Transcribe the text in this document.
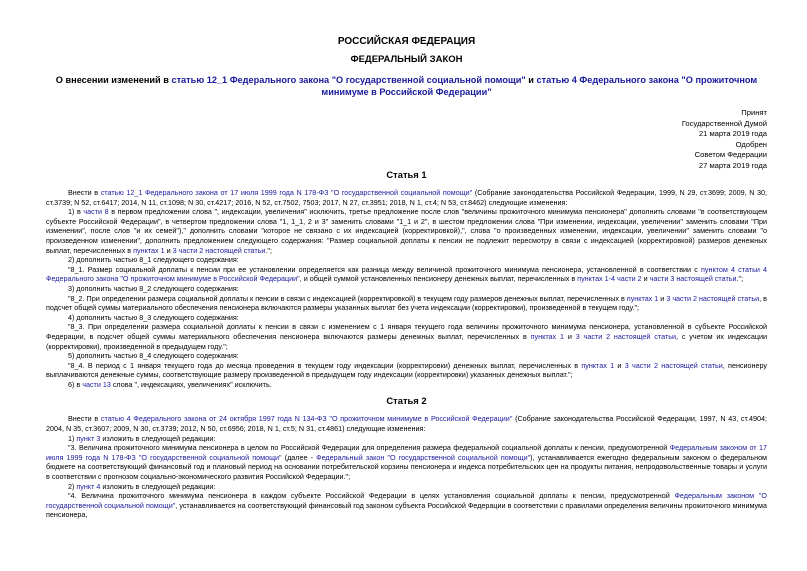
РОССИЙСКАЯ ФЕДЕРАЦИЯ
ФЕДЕРАЛЬНЫЙ ЗАКОН
О внесении изменений в статью 12_1 Федерального закона "О государственной социальной помощи" и статью 4 Федерального закона "О прожиточном минимуме в Российской Федерации"
Принят
Государственной Думой
21 марта 2019 года
Одобрен
Советом Федерации
27 марта 2019 года
Статья 1

Внести в статью 12_1 Федерального закона от 17 июля 1999 года N 178-ФЗ "О государственной социальной помощи" (Собрание законодательства Российской Федерации, 1999, N 29, ст.3699; 2009, N 30, ст.3739; N 52, ст.6417; 2014, N 11, ст.1098; N 30, ст.4217; 2016, N 52, ст.7502, 7503; 2017, N 27, ст.3951; 2018, N 1, ст.4; N 53, ст.8462) следующие изменения:

1) в части 8 в первом предложении слова ", индексации, увеличения" исключить, третье предложение после слов "величины прожиточного минимума пенсионера" дополнить словами "в соответствующем субъекте Российской Федерации", в четвертом предложении слова "1, 1_1, 2 и 3" заменить словами "1_1 и 2", в шестом предложении слова "При изменении, индексации, увеличении" заменить словами "При изменении", после слов "и их семей")," дополнить словами "которое не связано с их индексацией (корректировкой),", слова "о произведенных изменении, индексации, увеличении" заменить словами "о произведенном изменении", дополнить предложением следующего содержания: "Размер социальной доплаты к пенсии не подлежит пересмотру в связи с индексацией (корректировкой) размеров денежных выплат, перечисленных в пунктах 1 и 3 части 2 настоящей статьи.";

2) дополнить частью 8_1 следующего содержания:

"8_1. Размер социальной доплаты к пенсии при ее установлении определяется как разница между величиной прожиточного минимума пенсионера, установленной в соответствии с пунктом 4 статьи 4 Федерального закона "О прожиточном минимуме в Российской Федерации", и общей суммой установленных пенсионеру денежных выплат, перечисленных в пунктах 1-4 части 2 и части 3 настоящей статьи.";

3) дополнить частью 8_2 следующего содержания:

"8_2. При определении размера социальной доплаты к пенсии в связи с индексацией (корректировкой) в текущем году размеров денежных выплат, перечисленных в пунктах 1 и 3 части 2 настоящей статьи, в подсчет общей суммы материального обеспечения пенсионера включаются размеры указанных выплат без учета индексации (корректировки), произведенной в текущем году.";

4) дополнить частью 8_3 следующего содержания:

"8_3. При определении размера социальной доплаты к пенсии в связи с изменением с 1 января текущего года величины прожиточного минимума пенсионера, установленной в субъекте Российской Федерации, в подсчет общей суммы материального обеспечения пенсионера включаются размеры денежных выплат, перечисленных в пунктах 1 и 3 части 2 настоящей статьи, с учетом их индексации (корректировки), произведенной в предыдущем году.";

5) дополнить частью 8_4 следующего содержания:

"8_4. В период с 1 января текущего года до месяца проведения в текущем году индексации (корректировки) денежных выплат, перечисленных в пунктах 1 и 3 части 2 настоящей статьи, пенсионеру выплачиваются денежные суммы, соответствующие размеру произведенной в предыдущем году индексации (корректировки) указанных денежных выплат.";

6) в части 13 слова ", индексациях, увеличениях" исключить.

Статья 2

Внести в статью 4 Федерального закона от 24 октября 1997 года N 134-ФЗ "О прожиточном минимуме в Российской Федерации" (Собрание законодательства Российской Федерации, 1997, N 43, ст.4904; 2004, N 35, ст.3607; 2009, N 30, ст.3739; 2012, N 50, ст.6956; 2018, N 1, ст.5; N 31, ст.4861) следующие изменения:

1) пункт 3 изложить в следующей редакции:

"3. Величина прожиточного минимума пенсионера в целом по Российской Федерации для определения размера федеральной социальной доплаты к пенсии, предусмотренной Федеральным законом от 17 июля 1999 года N 178-ФЗ "О государственной социальной помощи" (далее - Федеральный закон "О государственной социальной помощи"), устанавливается ежегодно федеральным законом о федеральном бюджете на соответствующий финансовый год и плановый период на основании потребительской корзины пенсионера и индекса потребительских цен на продукты питания, непродовольственные товары и услуги в соответствии с прогнозом социально-экономического развития Российской Федерации.";

2) пункт 4 изложить в следующей редакции:

"4. Величина прожиточного минимума пенсионера в каждом субъекте Российской Федерации в целях установления социальной доплаты к пенсии, предусмотренной Федеральным законом "О государственной социальной помощи", устанавливается на соответствующий финансовый год законом субъекта Российской Федерации в соответствии с правилами определения величины прожиточного минимума пенсионера,
